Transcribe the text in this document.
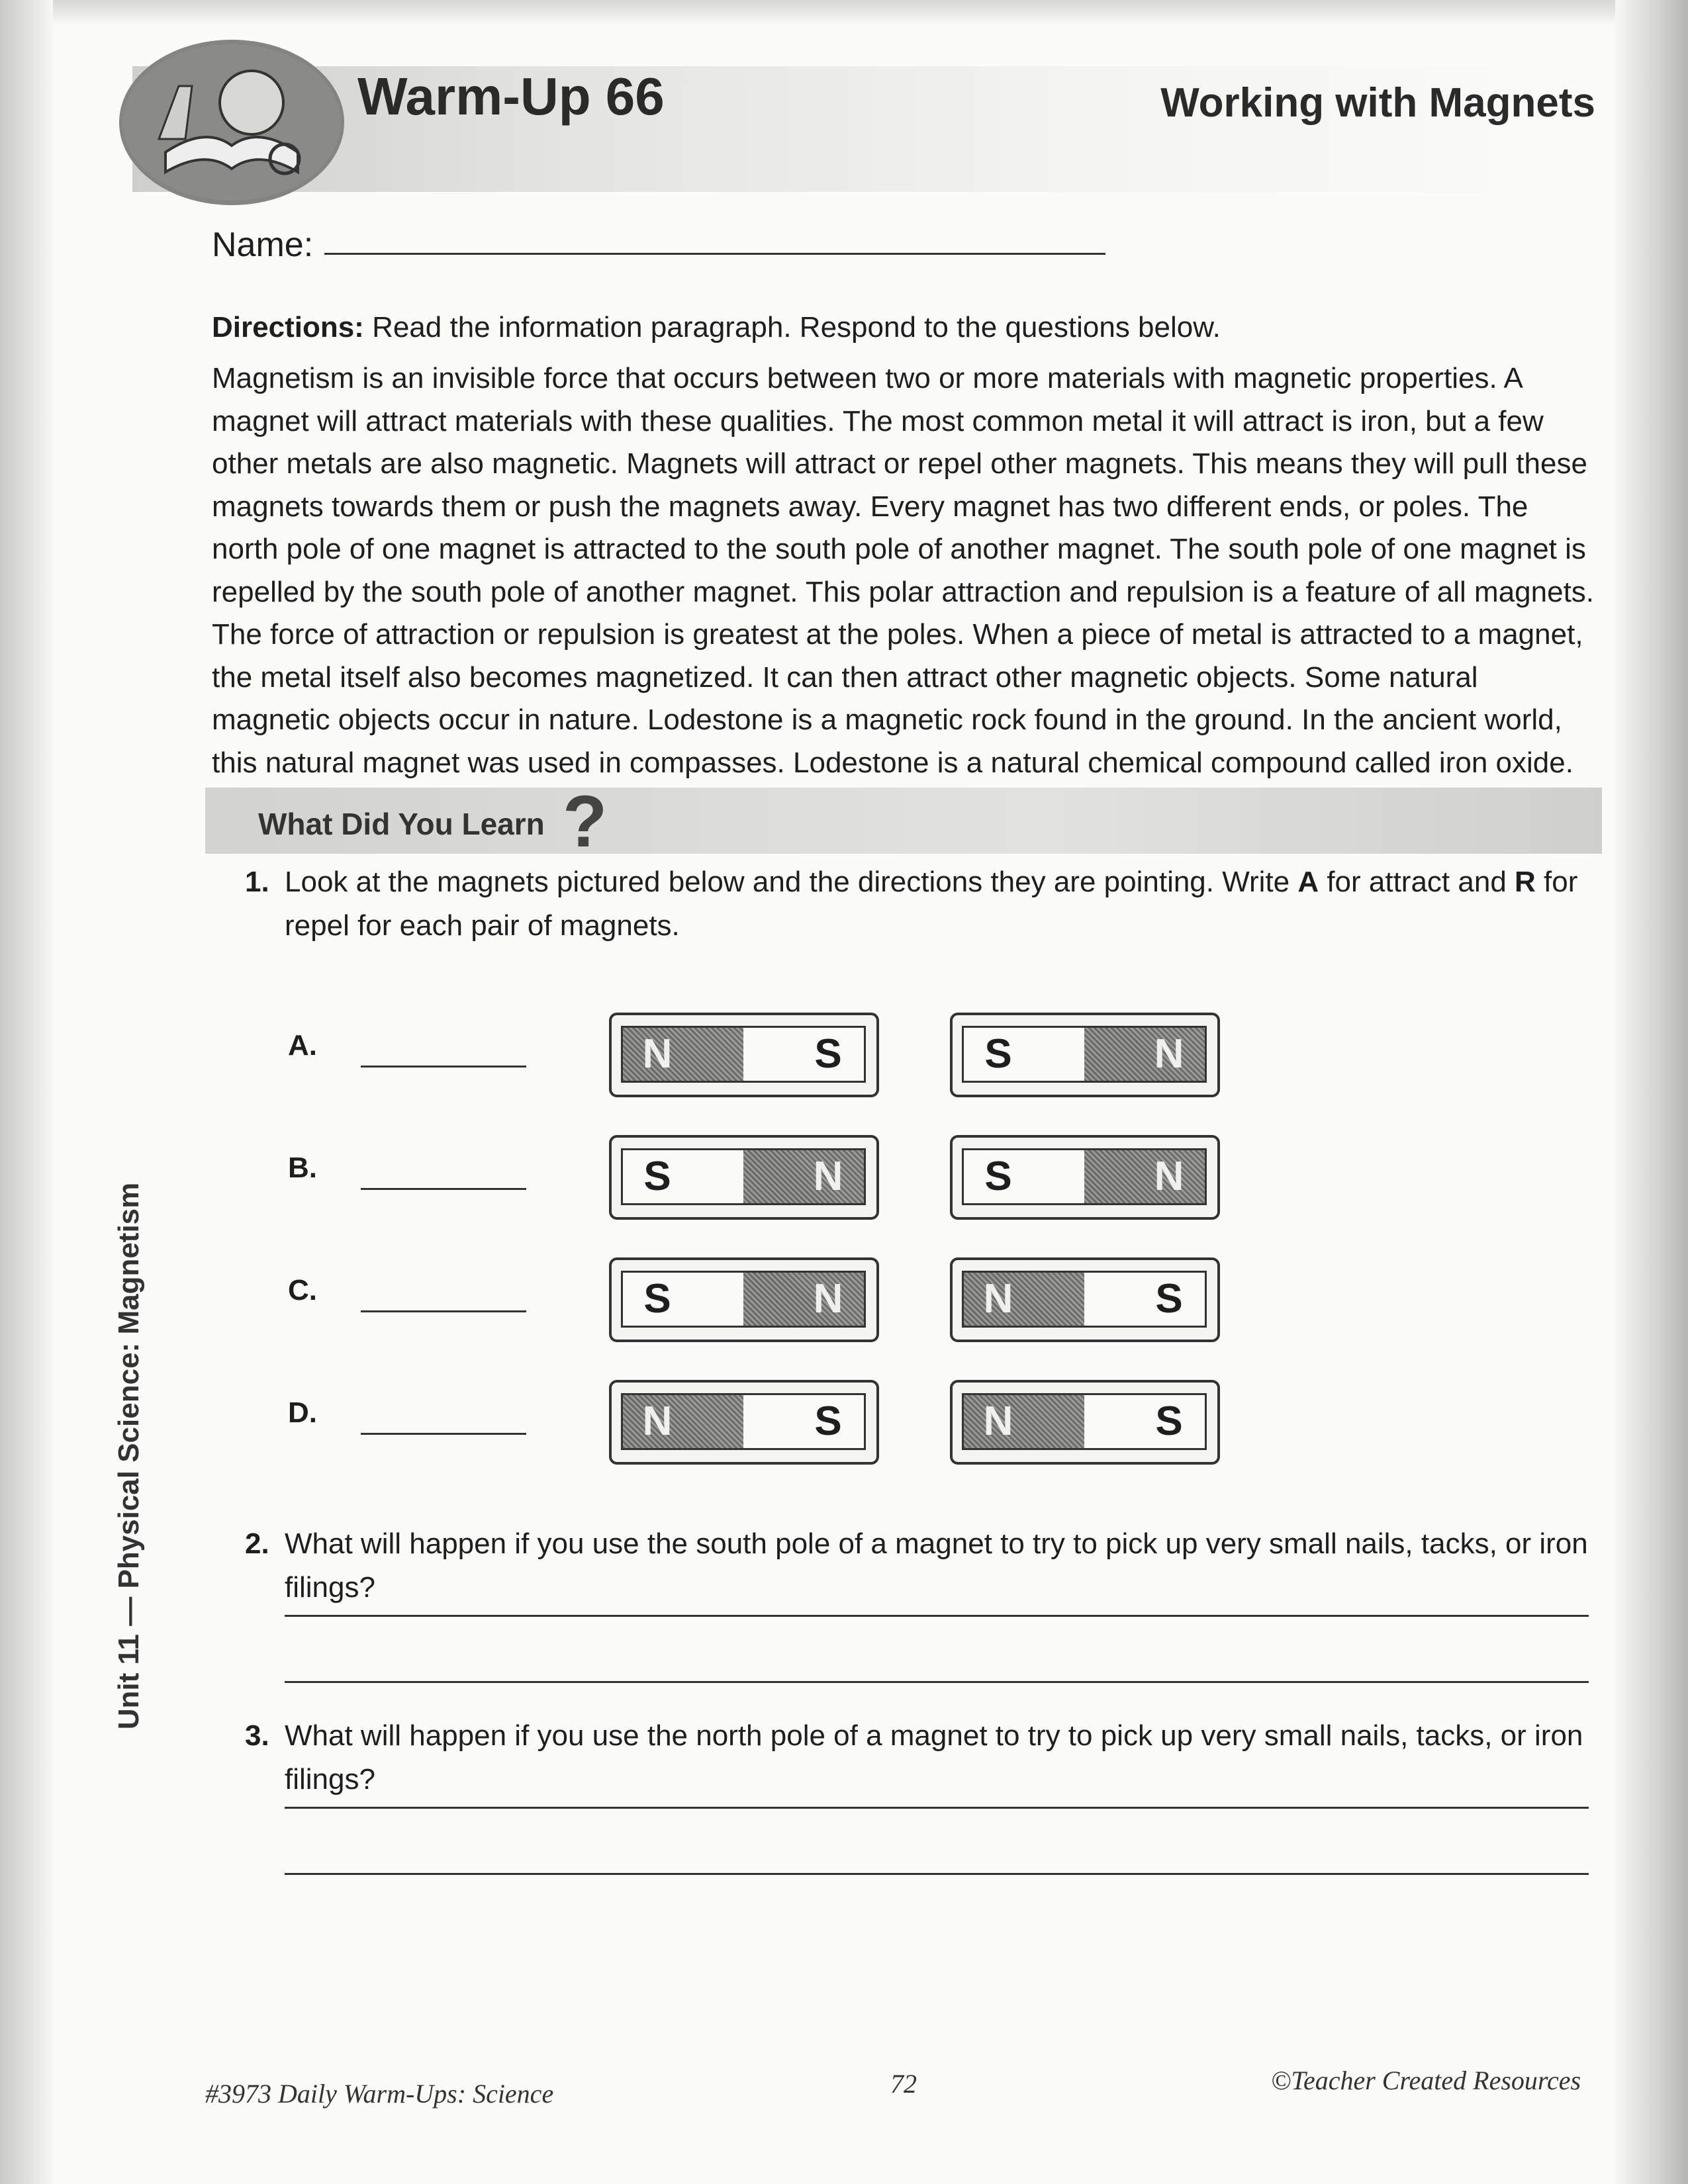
Warm-Up 66	Working with Magnets
Name:
Directions: Read the information paragraph. Respond to the questions below.
Magnetism is an invisible force that occurs between two or more materials with magnetic properties. A magnet will attract materials with these qualities. The most common metal it will attract is iron, but a few other metals are also magnetic. Magnets will attract or repel other magnets. This means they will pull these magnets towards them or push the magnets away. Every magnet has two different ends, or poles. The north pole of one magnet is attracted to the south pole of another magnet. The south pole of one magnet is repelled by the south pole of another magnet. This polar attraction and repulsion is a feature of all magnets. The force of attraction or repulsion is greatest at the poles. When a piece of metal is attracted to a magnet, the metal itself also becomes magnetized. It can then attract other magnetic objects. Some natural magnetic objects occur in nature. Lodestone is a magnetic rock found in the ground. In the ancient world, this natural magnet was used in compasses. Lodestone is a natural chemical compound called iron oxide.
What Did You Learn ?
1. Look at the magnets pictured below and the directions they are pointing. Write A for attract and R for repel for each pair of magnets.
A.	N	S	S	N
B.	S	N	S	N
C.	S	N	N	S
D.	N	S	N	S
2. What will happen if you use the south pole of a magnet to try to pick up very small nails, tacks, or iron filings?
3. What will happen if you use the north pole of a magnet to try to pick up very small nails, tacks, or iron filings?
Unit 11 — Physical Science: Magnetism
#3973 Daily Warm-Ups: Science	72	©Teacher Created Resources
